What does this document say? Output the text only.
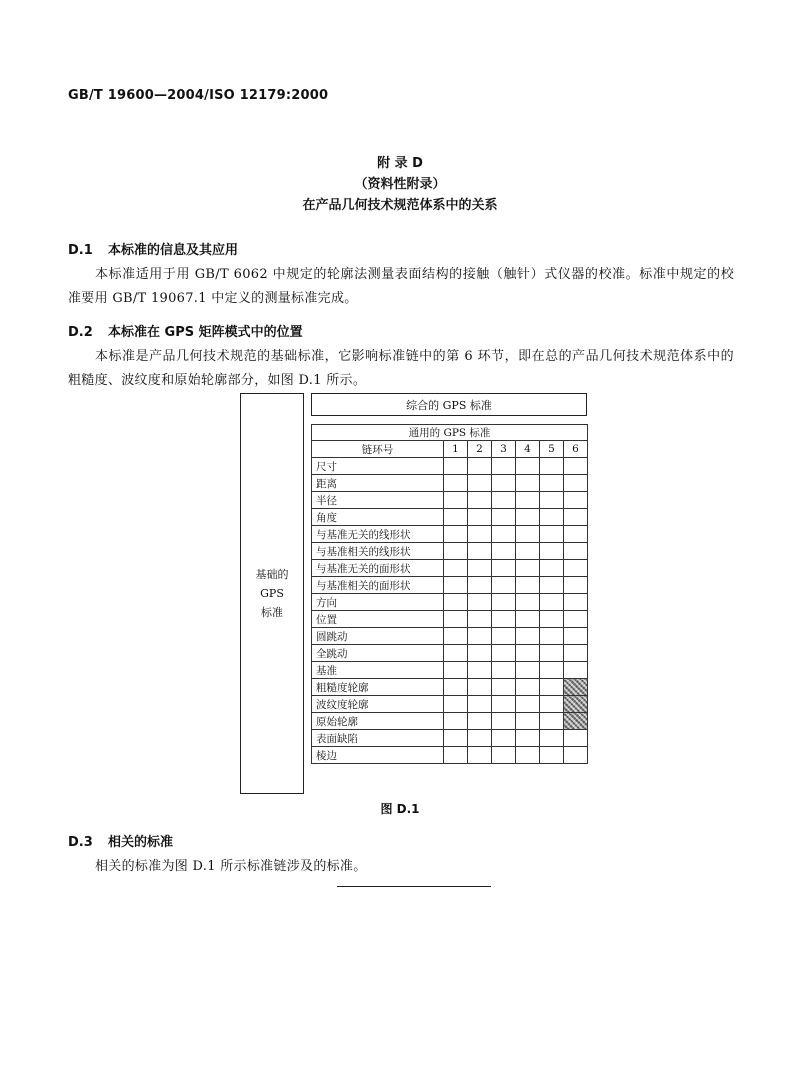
GB/T 19600—2004/ISO 12179:2000
附 录 D
（资料性附录）
在产品几何技术规范体系中的关系
D.1 本标准的信息及其应用
本标准适用于用 GB/T 6062 中规定的轮廓法测量表面结构的接触（触针）式仪器的校准。标准中规定的校准要用 GB/T 19067.1 中定义的测量标准完成。
D.2 本标准在 GPS 矩阵模式中的位置
本标准是产品几何技术规范的基础标准，它影响标准链中的第 6 环节，即在总的产品几何技术规范体系中的粗糙度、波纹度和原始轮廓部分，如图 D.1 所示。
基础的
GPS
标准
综合的 GPS 标准
通用的 GPS 标准						
链环号	1	2	3	4	5	6
尺寸						
距离						
半径						
角度						
与基准无关的线形状						
与基准相关的线形状						
与基准无关的面形状						
与基准相关的面形状						
方向						
位置						
圆跳动						
全跳动						
基准						
粗糙度轮廓						
波纹度轮廓						
原始轮廓						
表面缺陷						
棱边						
图 D.1
D.3 相关的标准
相关的标准为图 D.1 所示标准链涉及的标准。
